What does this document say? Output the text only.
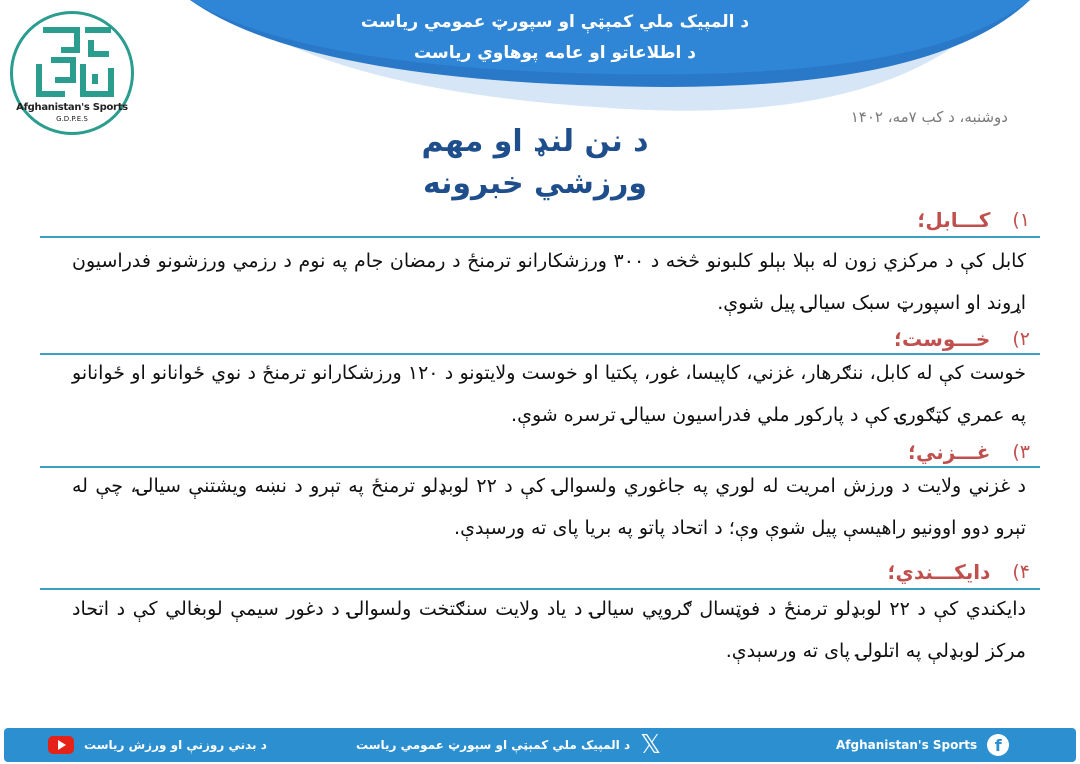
د المپیک ملي کمېټې او سپورټ عمومي ریاست
د اطلاعاتو او عامه پوهاوي ریاست
Afghanistan's Sports
G.D.P.E.S	دوشنبه، د کب ۷مه، ۱۴۰۲
د نن لنډ او مهم
ورزشي خبرونه
۱)
کـــابل؛
کابل کې د مرکزي زون له بېلا بېلو کلبونو څخه د ۳۰۰ ورزشکارانو ترمنځ د رمضان جام په نوم د رزمي ورزشونو فدراسیون اړوند او اسپورټ سبک سیالۍ پیل شوې.
۲)
خـــوست؛
خوست کې له کابل، ننګرهار، غزني، کاپیسا، غور، پکتیا او خوست ولایتونو د ۱۲۰ ورزشکارانو ترمنځ د نوي ځوانانو او ځوانانو په عمري کټګورۍ کې د پارکور ملي فدراسیون سیالۍ ترسره شوې.
۳)
غـــزني؛
د غزني ولایت د ورزش امریت له لوري په جاغوري ولسوالۍ کې د ۲۲ لوبډلو ترمنځ په تېرو د نښه ویشتنې سیالۍ، چې له تېرو دوو اوونیو راهیسې پیل شوې وې؛ د اتحاد پاتو په بریا پای ته ورسېدې.
۴)
دایکـــندي؛
دایکندي کې د ۲۲ لوبډلو ترمنځ د فوټسال ګروپي سیالۍ د یاد ولایت سنګتخت ولسوالۍ د دغور سیمې لوبغالي کې د اتحاد مرکز لوبډلې په اتلولۍ پای ته ورسېدې.
د بدني روزنې او ورزش ریاست	د المپیک ملي کمېټې او سپورټ عمومي ریاست 𝕏	Afghanistan's Sports	f
